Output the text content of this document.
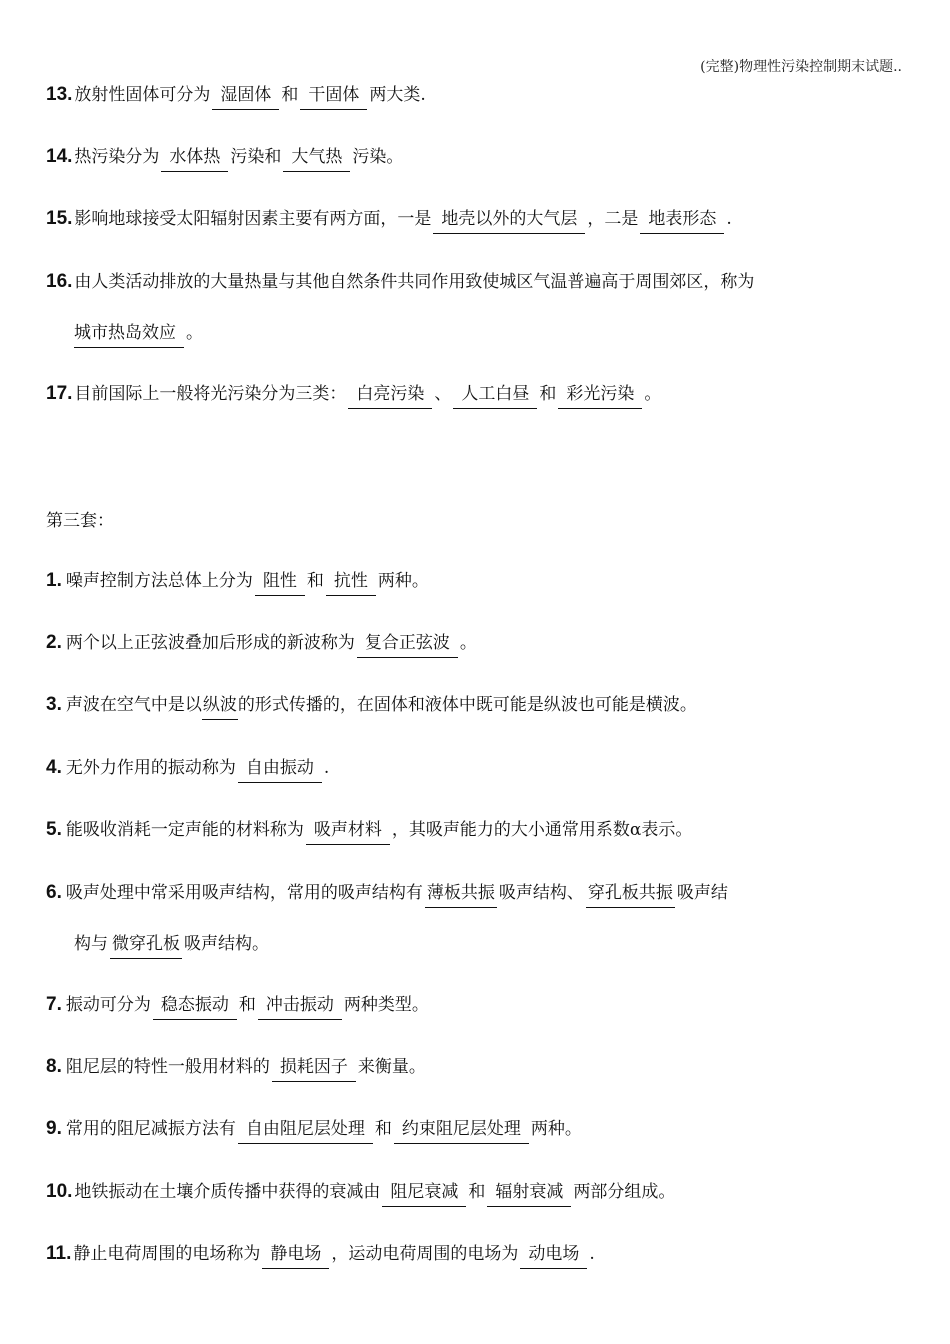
(完整)物理性污染控制期末试题..
13. 放射性固体可分为 湿固体 和 干固体 两大类.
14. 热污染分为 水体热 污染和 大气热 污染。
15. 影响地球接受太阳辐射因素主要有两方面，一是 地壳以外的大气层 ，二是 地表形态 .
16. 由人类活动排放的大量热量与其他自然条件共同作用致使城区气温普遍高于周围郊区，称为
城市热岛效应 。
17. 目前国际上一般将光污染分为三类： 白亮污染 、 人工白昼 和 彩光污染 。
第三套：
1. 噪声控制方法总体上分为 阻性 和 抗性 两种。
2. 两个以上正弦波叠加后形成的新波称为 复合正弦波 。
3. 声波在空气中是以纵波的形式传播的，在固体和液体中既可能是纵波也可能是横波。
4. 无外力作用的振动称为 自由振动 .
5. 能吸收消耗一定声能的材料称为 吸声材料 ，其吸声能力的大小通常用系数α表示。
6. 吸声处理中常采用吸声结构，常用的吸声结构有 薄板共振 吸声结构、 穿孔板共振 吸声结
构与 微穿孔板 吸声结构。
7. 振动可分为 稳态振动 和 冲击振动 两种类型。
8. 阻尼层的特性一般用材料的 损耗因子 来衡量。
9. 常用的阻尼减振方法有 自由阻尼层处理 和 约束阻尼层处理 两种。
10. 地铁振动在土壤介质传播中获得的衰减由 阻尼衰减 和 辐射衰减 两部分组成。
11. 静止电荷周围的电场称为 静电场 ，运动电荷周围的电场为 动电场 .
